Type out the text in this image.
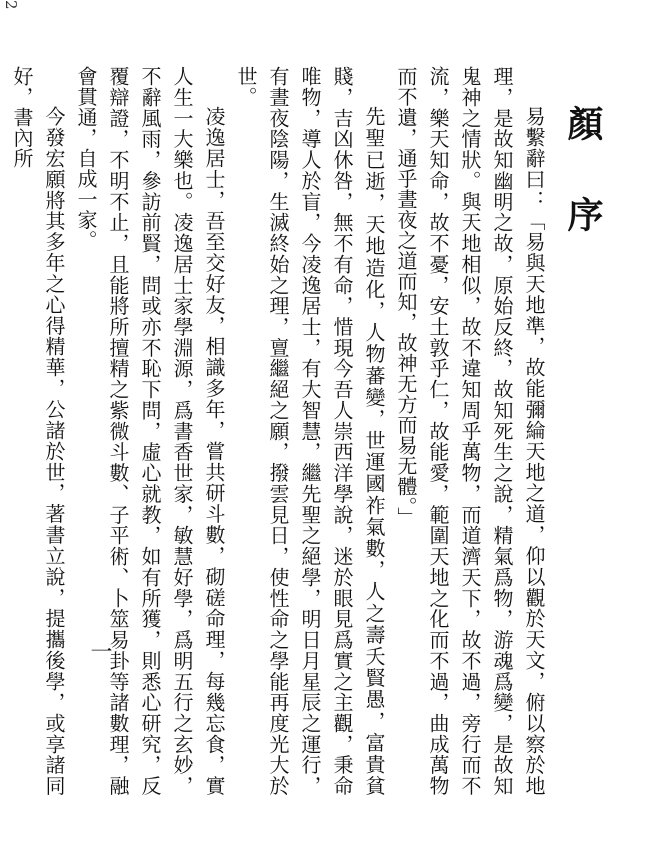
2
顏序

易繫辭曰：「易與天地準，故能彌綸天地之道，仰以觀於天文，俯以察於地理，是故知幽明之故，原始反終，故知死生之說，精氣爲物，游魂爲變，是故知鬼神之情狀。與天地相似，故不違知周乎萬物，而道濟天下，故不過，旁行而不流，樂天知命，故不憂，安土敦乎仁，故能愛，範圍天地之化而不過，曲成萬物而不遺，通乎晝夜之道而知，故神无方而易无體。」

先聖已逝，天地造化，人物蕃變，世運國祚氣數，人之壽夭賢愚，富貴貧賤，吉凶休咎，無不有命，惜現今吾人崇西洋學說，迷於眼見爲實之主觀，秉命唯物，導人於盲，今凌逸居士，有大智慧，繼先聖之絕學，明日月星辰之運行，有晝夜陰陽，生滅終始之理，亶繼絕之願，撥雲見日，使性命之學能再度光大於世。

凌逸居士，吾至交好友，相識多年，嘗共研斗數，砌磋命理，每幾忘食，實人生一大樂也。凌逸居士家學淵源，爲書香世家，敏慧好學，爲明五行之玄妙，不辭風雨，參訪前賢，問或亦不恥下問，虛心就教，如有所獲，則悉心研究，反覆辯證，不明不止，且能將所擅精之紫微斗數、子平術、卜筮易卦等諸數理，融會貫通，自成一家。

今發宏願將其多年之心得精華，公諸於世，著書立說，提攜後學，或享諸同好，書內所

一
